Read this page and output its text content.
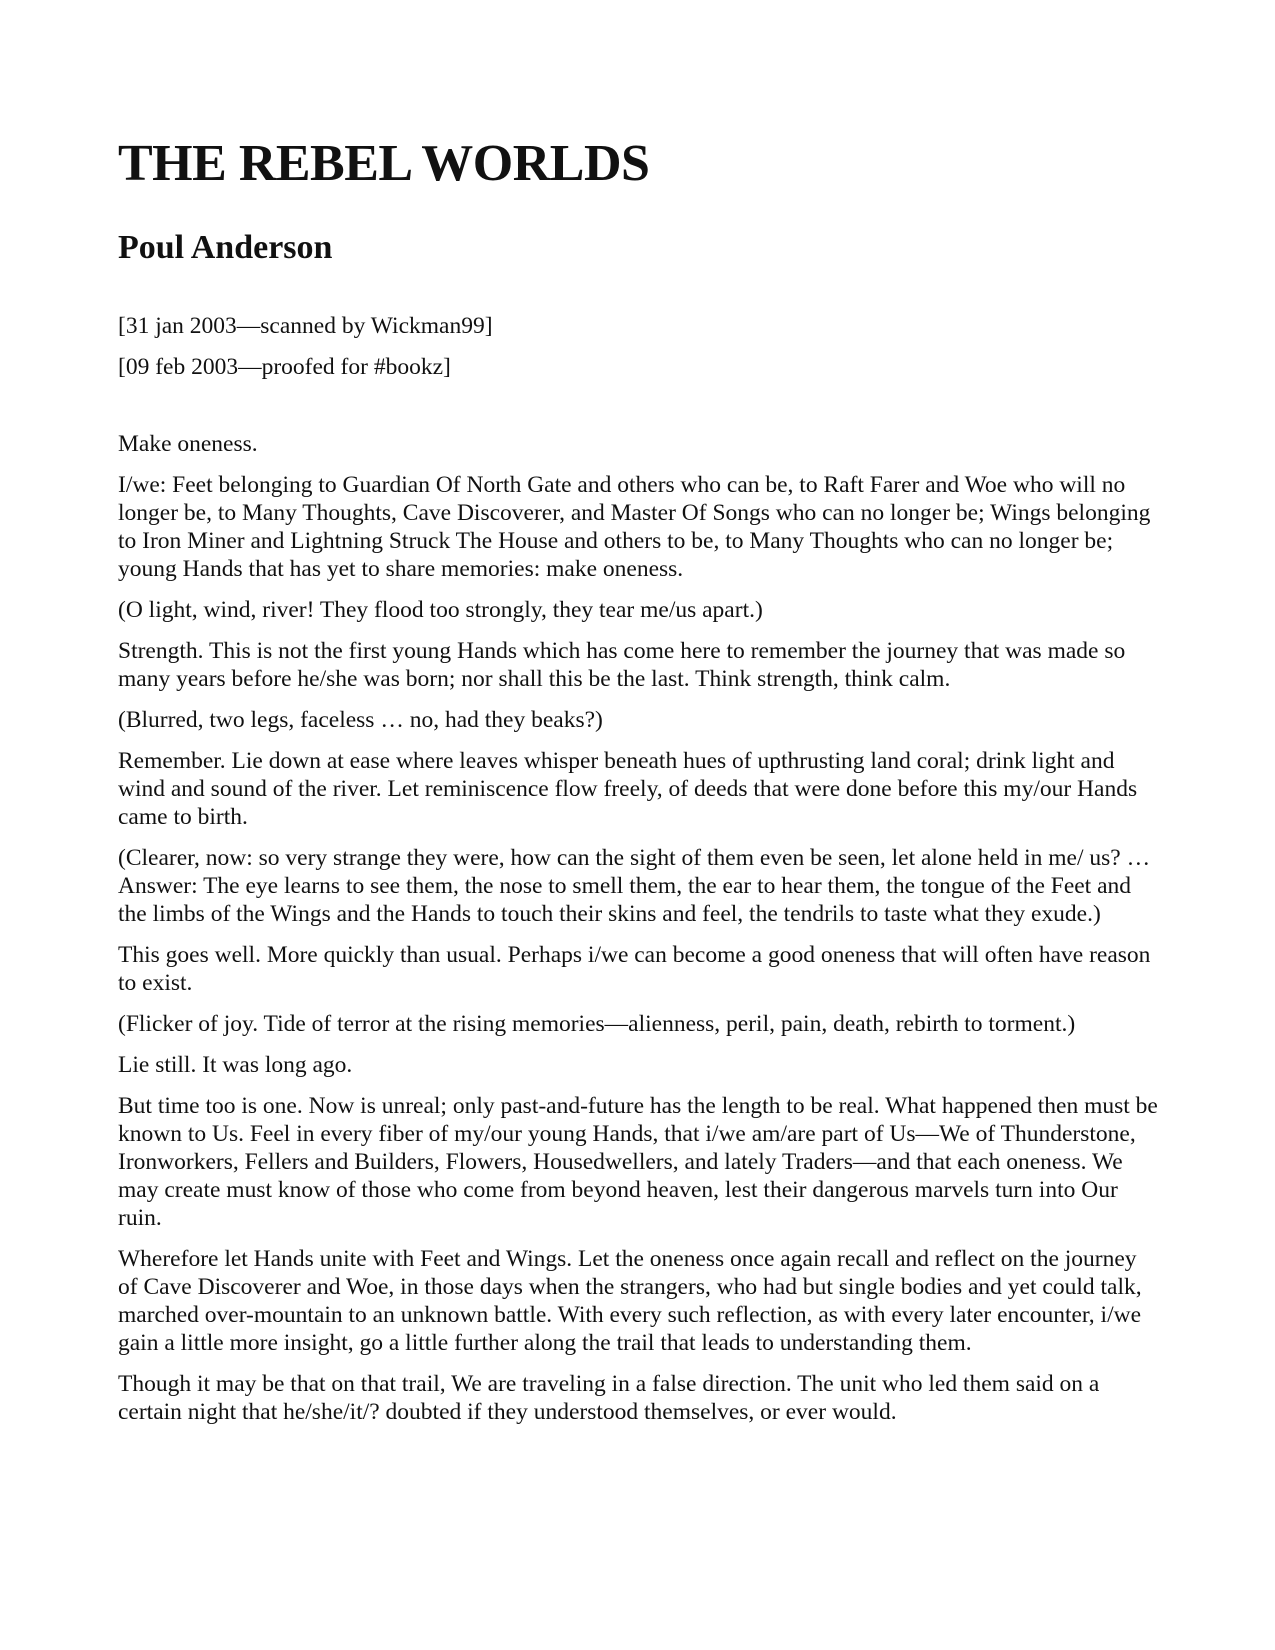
THE REBEL WORLDS
Poul Anderson

[31 jan 2003—scanned by Wickman99]

[09 feb 2003—proofed for #bookz]

Make oneness.

I/we: Feet belonging to Guardian Of North Gate and others who can be, to Raft Farer and Woe who will no longer be, to Many Thoughts, Cave Discoverer, and Master Of Songs who can no longer be; Wings belonging to Iron Miner and Lightning Struck The House and others to be, to Many Thoughts who can no longer be; young Hands that has yet to share memories: make oneness.

(O light, wind, river! They flood too strongly, they tear me/us apart.)

Strength. This is not the first young Hands which has come here to remember the journey that was made so many years before he/she was born; nor shall this be the last. Think strength, think calm.

(Blurred, two legs, faceless … no, had they beaks?)

Remember. Lie down at ease where leaves whisper beneath hues of upthrusting land coral; drink light and wind and sound of the river. Let reminiscence flow freely, of deeds that were done before this my/our Hands came to birth.

(Clearer, now: so very strange they were, how can the sight of them even be seen, let alone held in me/ us? … Answer: The eye learns to see them, the nose to smell them, the ear to hear them, the tongue of the Feet and the limbs of the Wings and the Hands to touch their skins and feel, the tendrils to taste what they exude.)

This goes well. More quickly than usual. Perhaps i/we can become a good oneness that will often have reason to exist.

(Flicker of joy. Tide of terror at the rising memories—alienness, peril, pain, death, rebirth to torment.)

Lie still. It was long ago.

But time too is one. Now is unreal; only past-and-future has the length to be real. What happened then must be known to Us. Feel in every fiber of my/our young Hands, that i/we am/are part of Us—We of Thunderstone, Ironworkers, Fellers and Builders, Flowers, Housedwellers, and lately Traders—and that each oneness. We may create must know of those who come from beyond heaven, lest their dangerous marvels turn into Our ruin.

Wherefore let Hands unite with Feet and Wings. Let the oneness once again recall and reflect on the journey of Cave Discoverer and Woe, in those days when the strangers, who had but single bodies and yet could talk, marched over-mountain to an unknown battle. With every such reflection, as with every later encounter, i/we gain a little more insight, go a little further along the trail that leads to understanding them.

Though it may be that on that trail, We are traveling in a false direction. The unit who led them said on a certain night that he/she/it/? doubted if they understood themselves, or ever would.
